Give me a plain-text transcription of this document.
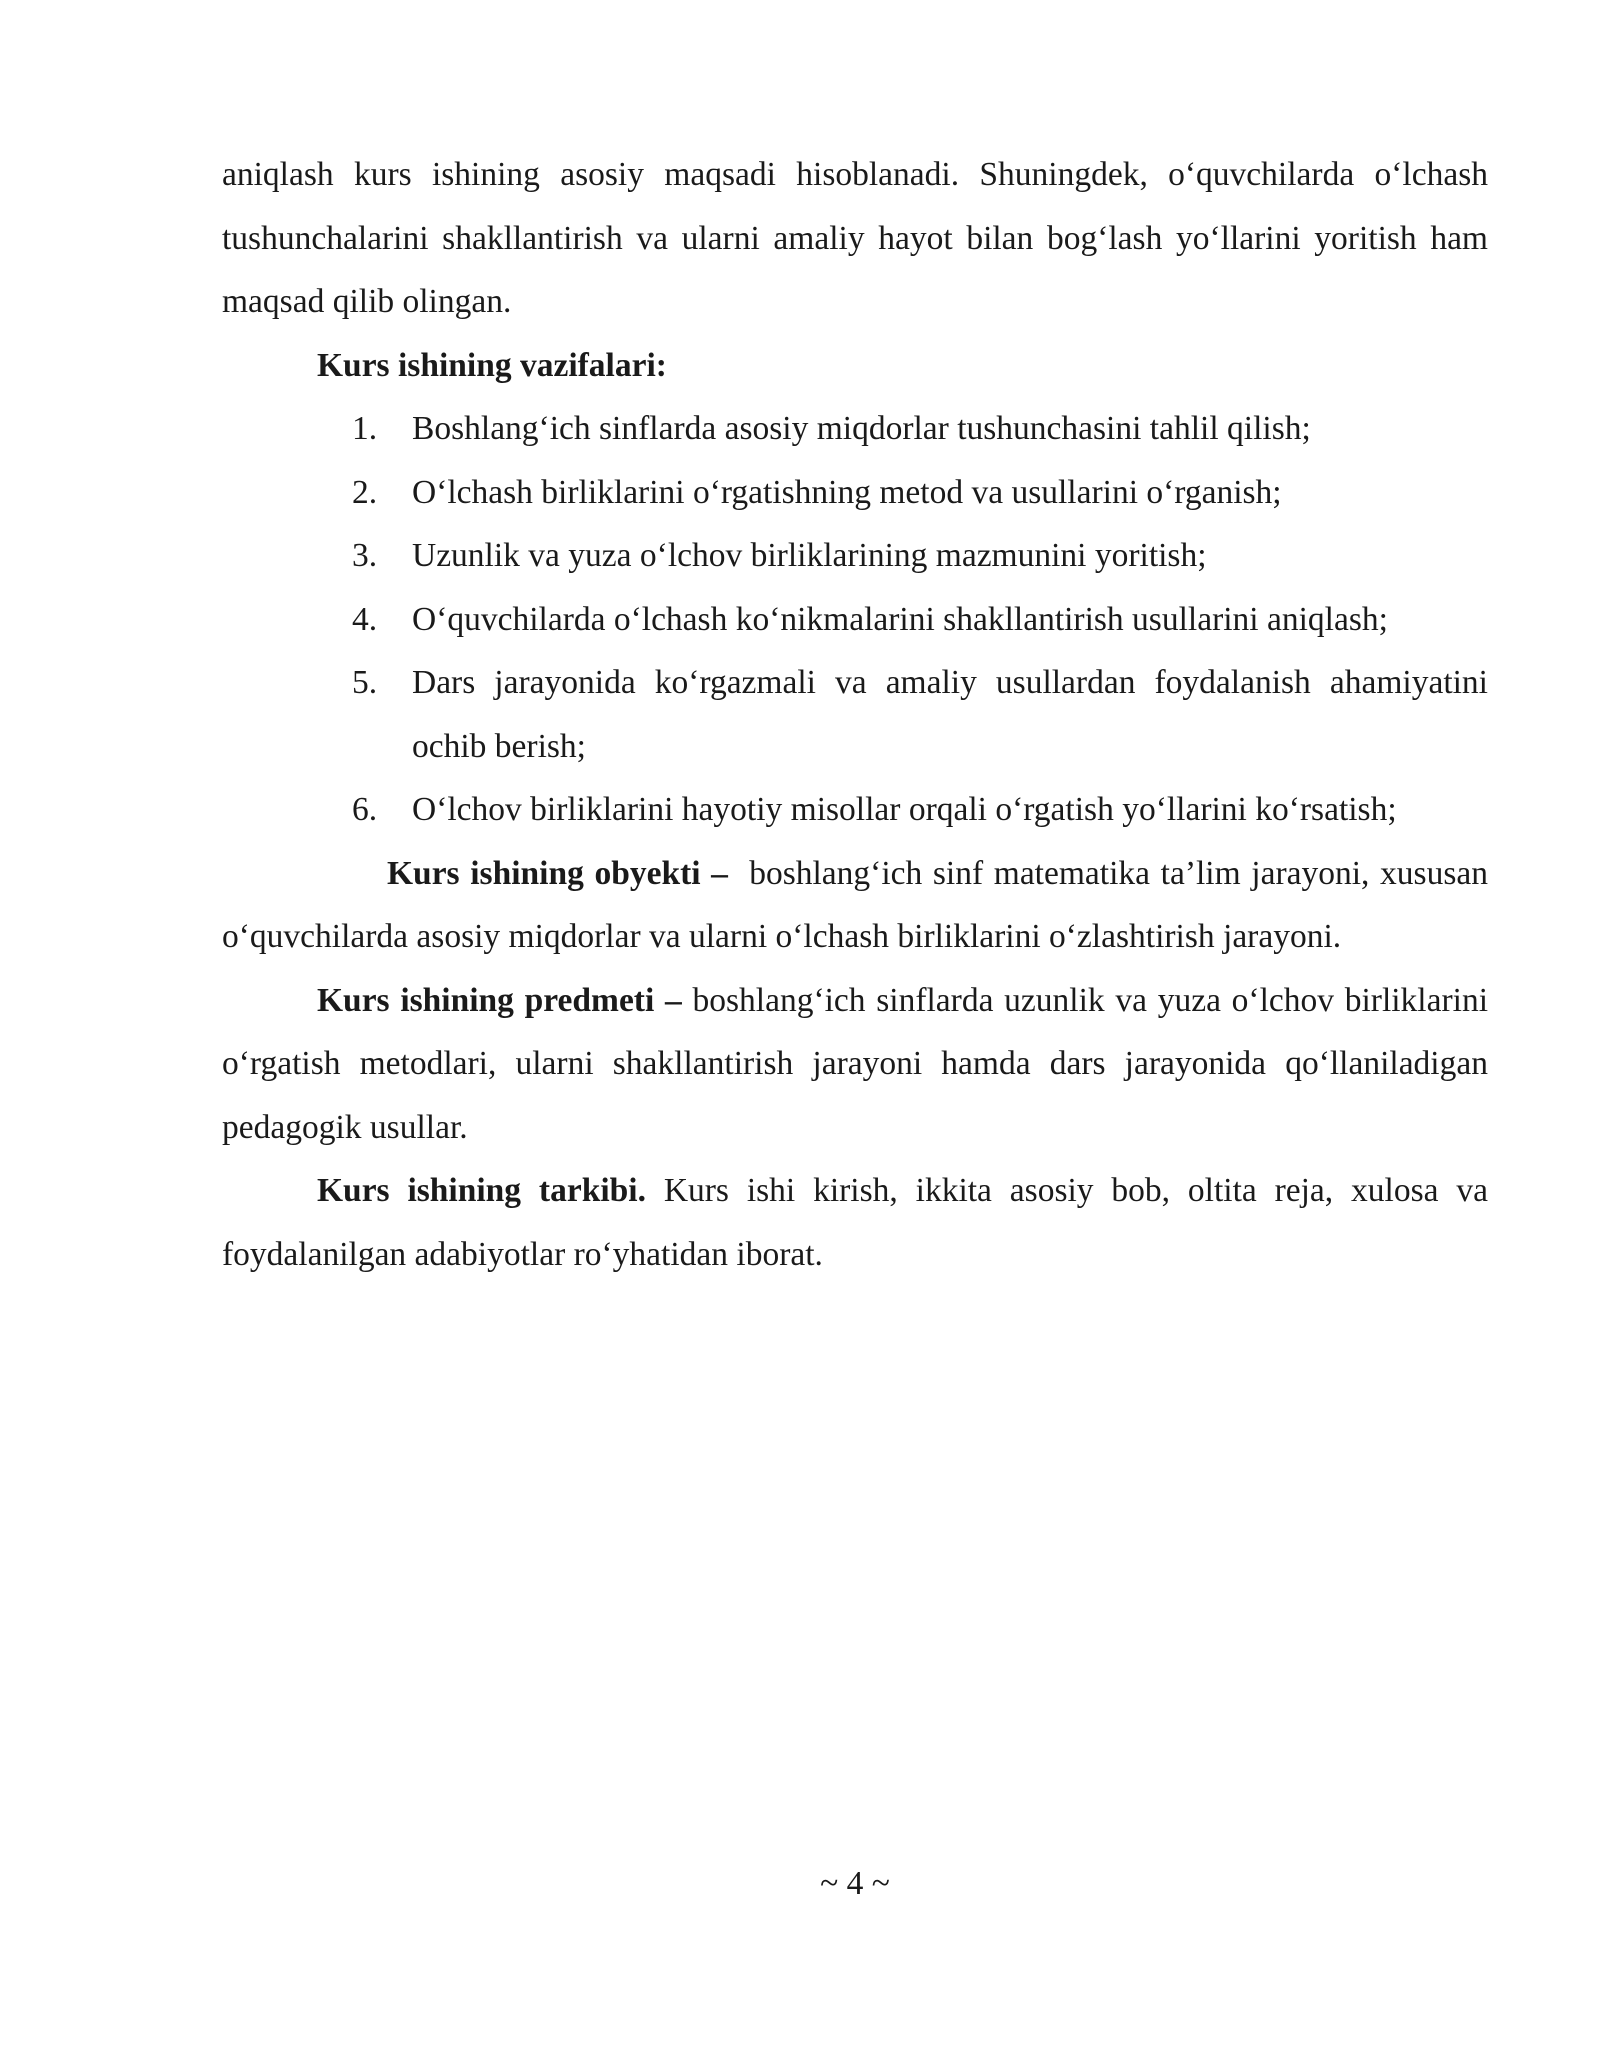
aniqlash kurs ishining asosiy maqsadi hisoblanadi. Shuningdek, o‘quvchilarda o‘lchash tushunchalarini shakllantirish va ularni amaliy hayot bilan bog‘lash yo‘llarini yoritish ham maqsad qilib olingan.

Kurs ishining vazifalari:

1. Boshlang‘ich sinflarda asosiy miqdorlar tushunchasini tahlil qilish;
2. O‘lchash birliklarini o‘rgatishning metod va usullarini o‘rganish;
3. Uzunlik va yuza o‘lchov birliklarining mazmunini yoritish;
4. O‘quvchilarda o‘lchash ko‘nikmalarini shakllantirish usullarini aniqlash;
5. Dars jarayonida ko‘rgazmali va amaliy usullardan foydalanish ahamiyatini ochib berish;
6. O‘lchov birliklarini hayotiy misollar orqali o‘rgatish yo‘llarini ko‘rsatish;

Kurs ishining obyekti – boshlang‘ich sinf matematika ta’lim jarayoni, xususan o‘quvchilarda asosiy miqdorlar va ularni o‘lchash birliklarini o‘zlashtirish jarayoni.

Kurs ishining predmeti – boshlang‘ich sinflarda uzunlik va yuza o‘lchov birliklarini o‘rgatish metodlari, ularni shakllantirish jarayoni hamda dars jarayonida qo‘llaniladigan pedagogik usullar.

Kurs ishining tarkibi. Kurs ishi kirish, ikkita asosiy bob, oltita reja, xulosa va foydalanilgan adabiyotlar ro‘yhatidan iborat.

~ 4 ~
